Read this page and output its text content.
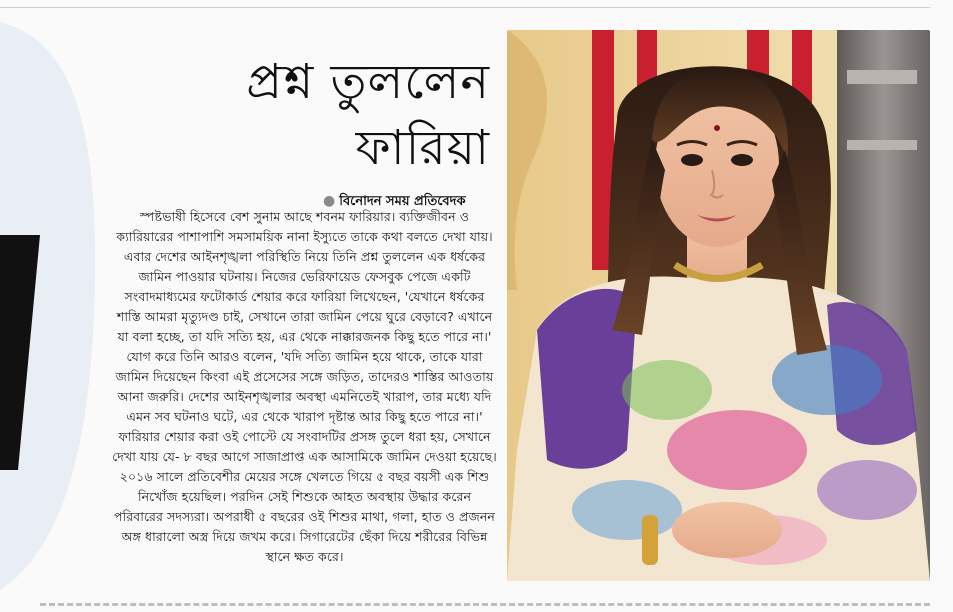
প্রশ্ন তুললেন
ফারিয়া
● বিনোদন সময় প্রতিবেদক

স্পষ্টভাষী হিসেবে বেশ সুনাম আছে শবনম ফারিয়ার। ব্যক্তিজীবন ও ক্যারিয়ারের পাশাপাশি সমসাময়িক নানা ইস্যুতে তাকে কথা বলতে দেখা যায়। এবার দেশের আইনশৃঙ্খলা পরিস্থিতি নিয়ে তিনি প্রশ্ন তুললেন এক ধর্ষকের জামিন পাওয়ার ঘটনায়। নিজের ভেরিফায়েড ফেসবুক পেজে একটি সংবাদমাধ্যমের ফটোকার্ড শেয়ার করে ফারিয়া লিখেছেন, 'যেখানে ধর্ষকের শাস্তি আমরা মৃত্যুদণ্ড চাই, সেখানে তারা জামিন পেয়ে ঘুরে বেড়াবে? এখানে যা বলা হচ্ছে, তা যদি সত্যি হয়, এর থেকে নাক্কারজনক কিছু হতে পারে না।' যোগ করে তিনি আরও বলেন, 'যদি সত্যি জামিন হয়ে থাকে, তাকে যারা জামিন দিয়েছেন কিংবা এই প্রসেসের সঙ্গে জড়িত, তাদেরও শাস্তির আওতায় আনা জরুরি। দেশের আইনশৃঙ্খলার অবস্থা এমনিতেই খারাপ, তার মধ্যে যদি এমন সব ঘটনাও ঘটে, এর থেকে খারাপ দৃষ্টান্ত আর কিছু হতে পারে না।'

ফারিয়ার শেয়ার করা ওই পোস্টে যে সংবাদটির প্রসঙ্গ তুলে ধরা হয়, সেখানে দেখা যায় যে- ৮ বছর আগে সাজাপ্রাপ্ত এক আসামিকে জামিন দেওয়া হয়েছে। ২০১৬ সালে প্রতিবেশীর মেয়ের সঙ্গে খেলতে গিয়ে ৫ বছর বয়সী এক শিশু নিখোঁজ হয়েছিল। পরদিন সেই শিশুকে আহত অবস্থায় উদ্ধার করেন পরিবারের সদস্যরা। অপরাধী ৫ বছরের ওই শিশুর মাথা, গলা, হাত ও প্রজনন অঙ্গ ধারালো অস্ত্র দিয়ে জখম করে। সিগারেটের ছেঁকা দিয়ে শরীরের বিভিন্ন স্থানে ক্ষত করে।
